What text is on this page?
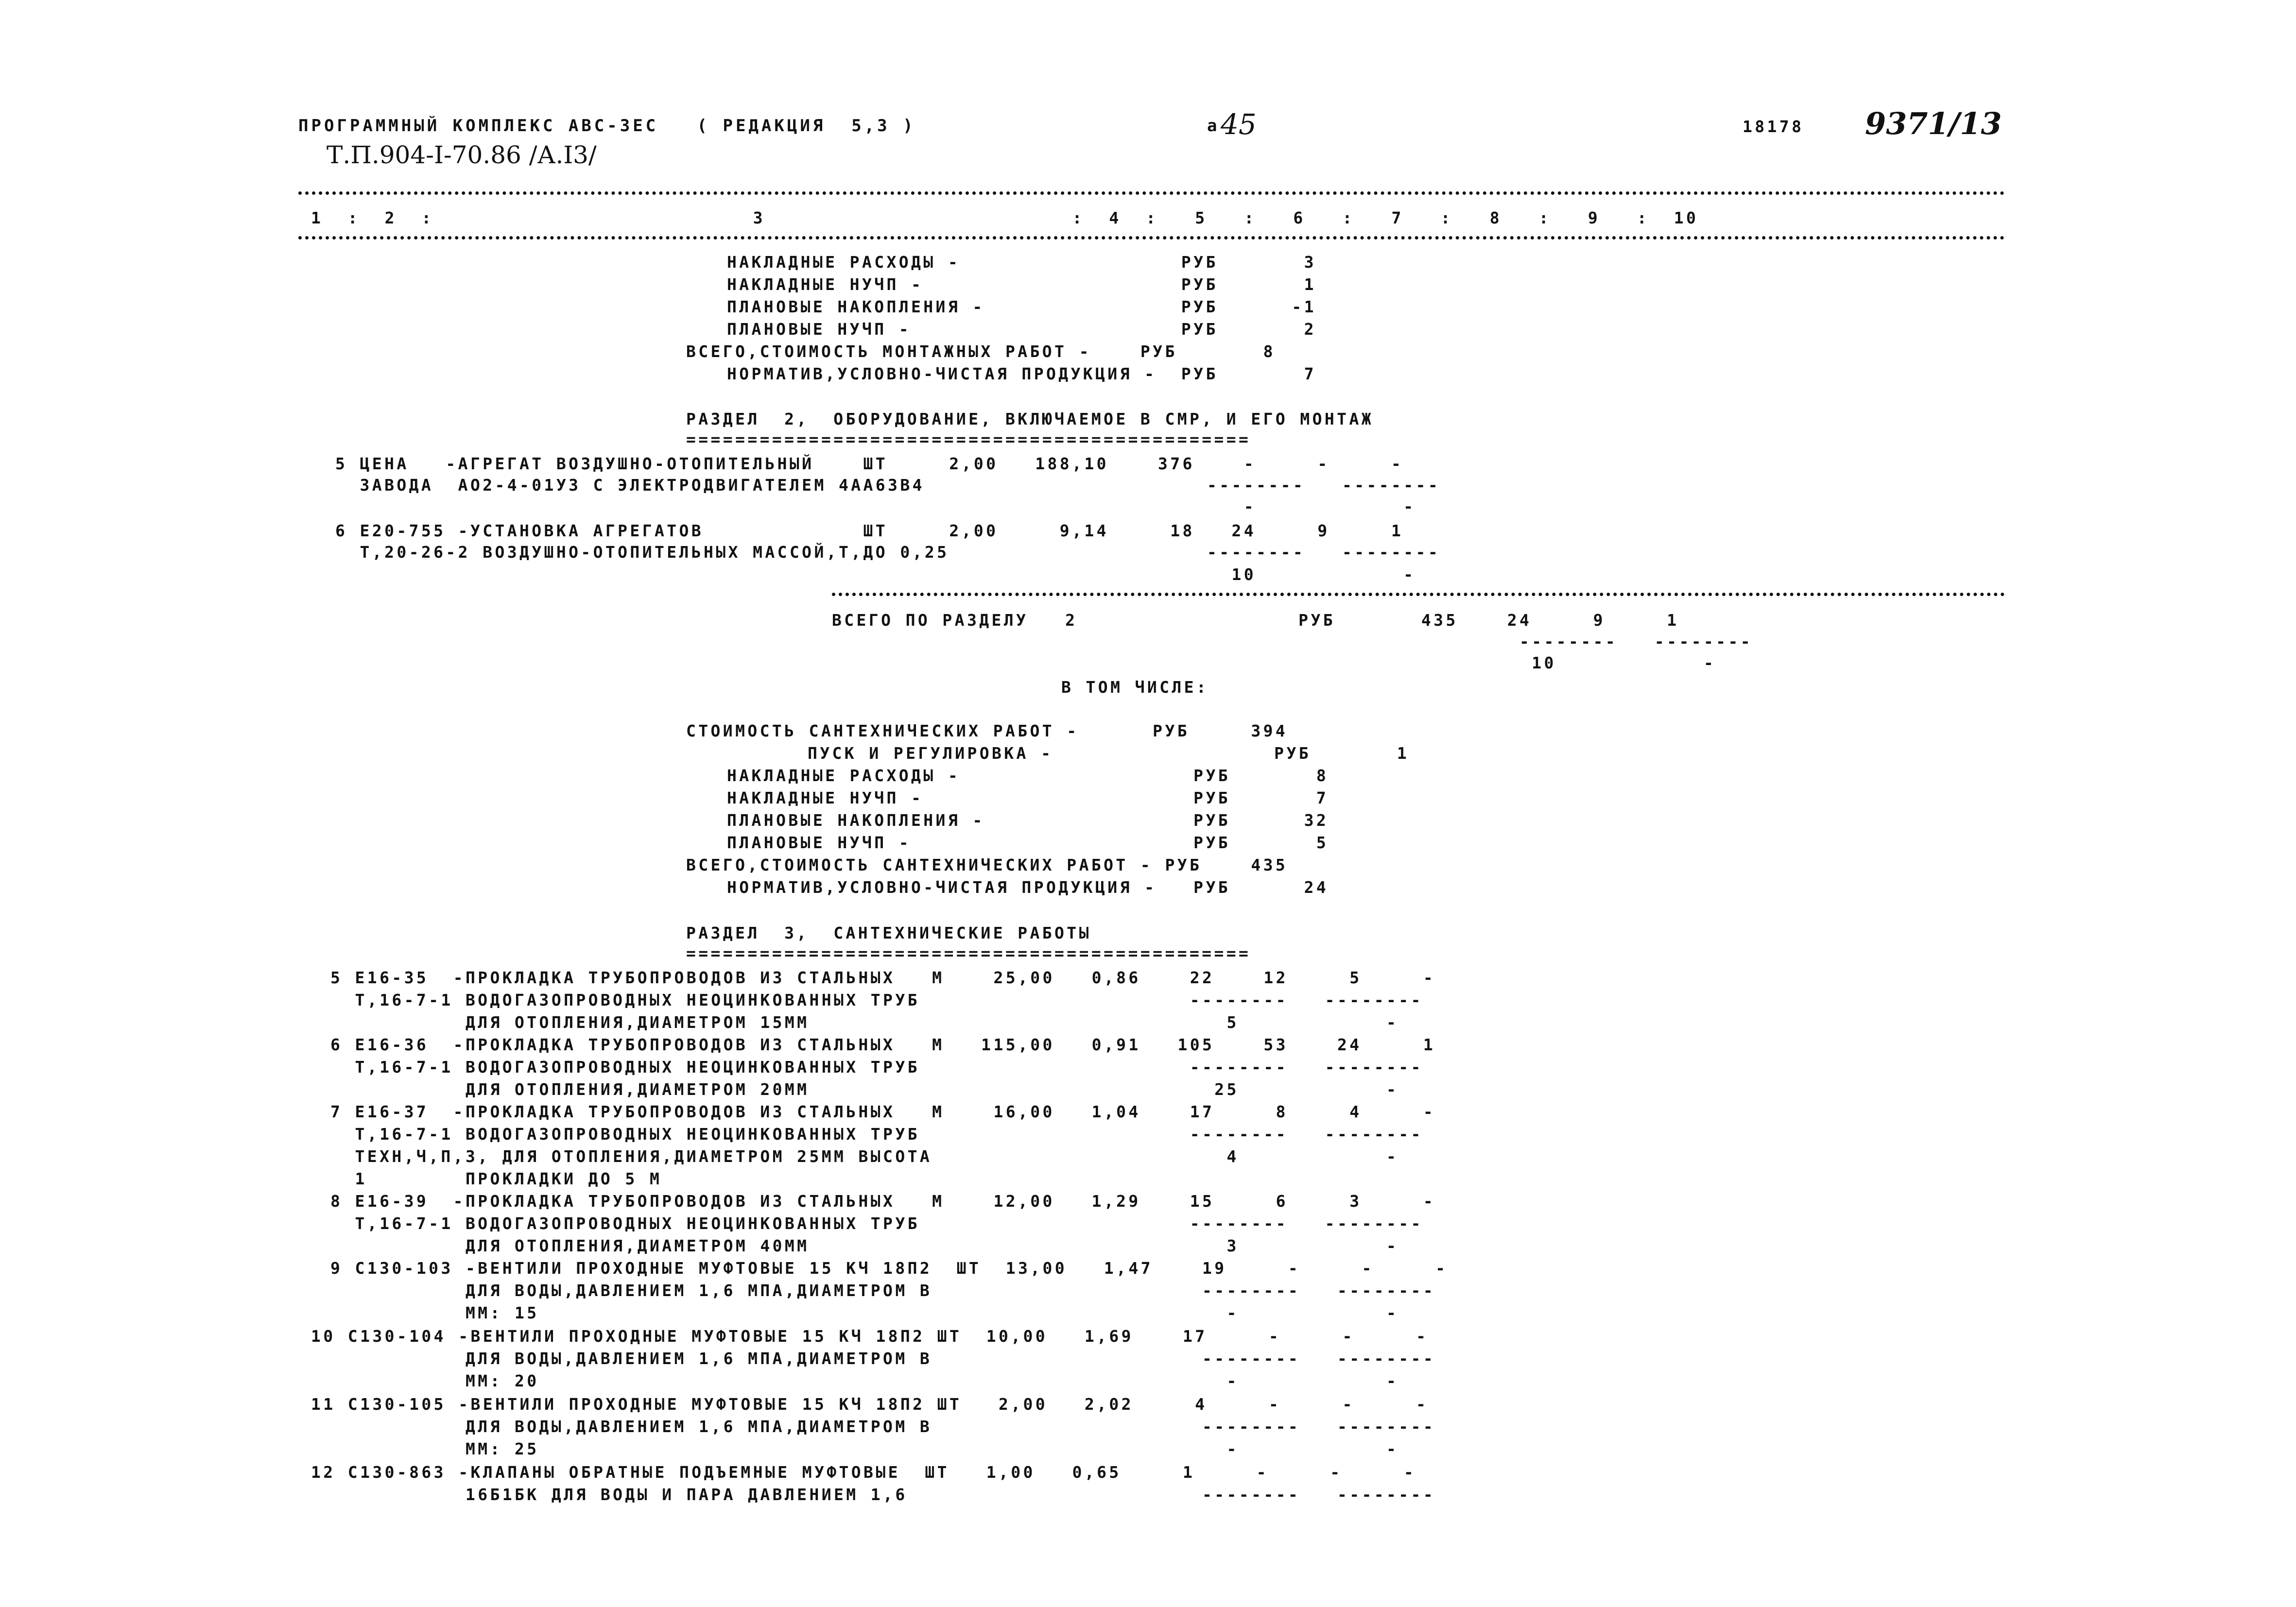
ПРОГРАММНЫЙ КОМПЛЕКС АВС-ЗЕС   ( РЕДАКЦИЯ  5,3 )	а 45	18178 9371/13
Т.П.904-I-70.86 /А.I3/
1  :  2  :                          3                         :  4  :   5   :   6   :   7   :   8   :   9   :  10
НАКЛАДНЫЕ РАСХОДЫ -                  РУБ       3
НАКЛАДНЫЕ НУЧП -                     РУБ       1
ПЛАНОВЫЕ НАКОПЛЕНИЯ -                РУБ      -1
ПЛАНОВЫЕ НУЧП -                      РУБ       2
ВСЕГО,СТОИМОСТЬ МОНТАЖНЫХ РАБОТ -    РУБ       8
НОРМАТИВ,УСЛОВНО-ЧИСТАЯ ПРОДУКЦИЯ -  РУБ       7
РАЗДЕЛ  2,  ОБОРУДОВАНИЕ, ВКЛЮЧАЕМОЕ В СМР, И ЕГО МОНТАЖ
==============================================
5 ЦЕНА   -АГРЕГАТ ВОЗДУШНО-ОТОПИТЕЛЬНЫЙ    ШТ     2,00   188,10    376    -     -     -
ЗАВОДА  АО2-4-01УЗ С ЭЛЕКТРОДВИГАТЕЛЕМ 4АА63В4                       --------   --------
-            -
6 Е20-755 -УСТАНОВКА АГРЕГАТОВ             ШТ     2,00     9,14     18   24     9     1
Т,20-26-2 ВОЗДУШНО-ОТОПИТЕЛЬНЫХ МАССОЙ,Т,ДО 0,25                     --------   --------
10            -
ВСЕГО ПО РАЗДЕЛУ   2                  РУБ       435    24     9     1
--------   --------
10            -
В ТОМ ЧИСЛЕ:
СТОИМОСТЬ САНТЕХНИЧЕСКИХ РАБОТ -      РУБ     394
ПУСК И РЕГУЛИРОВКА -                  РУБ       1
НАКЛАДНЫЕ РАСХОДЫ -                   РУБ       8
НАКЛАДНЫЕ НУЧП -                      РУБ       7
ПЛАНОВЫЕ НАКОПЛЕНИЯ -                 РУБ      32
ПЛАНОВЫЕ НУЧП -                       РУБ       5
ВСЕГО,СТОИМОСТЬ САНТЕХНИЧЕСКИХ РАБОТ - РУБ    435
НОРМАТИВ,УСЛОВНО-ЧИСТАЯ ПРОДУКЦИЯ -   РУБ      24
РАЗДЕЛ  3,  САНТЕХНИЧЕСКИЕ РАБОТЫ
==============================================
5 Е16-35  -ПРОКЛАДКА ТРУБОПРОВОДОВ ИЗ СТАЛЬНЫХ   М    25,00   0,86    22    12     5     -
Т,16-7-1 ВОДОГАЗОПРОВОДНЫХ НЕОЦИНКОВАННЫХ ТРУБ                      --------   --------
ДЛЯ ОТОПЛЕНИЯ,ДИАМЕТРОМ 15ММ                                  5            -
6 Е16-36  -ПРОКЛАДКА ТРУБОПРОВОДОВ ИЗ СТАЛЬНЫХ   М   115,00   0,91   105    53    24     1
Т,16-7-1 ВОДОГАЗОПРОВОДНЫХ НЕОЦИНКОВАННЫХ ТРУБ                      --------   --------
ДЛЯ ОТОПЛЕНИЯ,ДИАМЕТРОМ 20ММ                                 25            -
7 Е16-37  -ПРОКЛАДКА ТРУБОПРОВОДОВ ИЗ СТАЛЬНЫХ   М    16,00   1,04    17     8     4     -
Т,16-7-1 ВОДОГАЗОПРОВОДНЫХ НЕОЦИНКОВАННЫХ ТРУБ                      --------   --------
ТЕХН,Ч,П,3, ДЛЯ ОТОПЛЕНИЯ,ДИАМЕТРОМ 25ММ ВЫСОТА                        4            -
1        ПРОКЛАДКИ ДО 5 М
8 Е16-39  -ПРОКЛАДКА ТРУБОПРОВОДОВ ИЗ СТАЛЬНЫХ   М    12,00   1,29    15     6     3     -
Т,16-7-1 ВОДОГАЗОПРОВОДНЫХ НЕОЦИНКОВАННЫХ ТРУБ                      --------   --------
ДЛЯ ОТОПЛЕНИЯ,ДИАМЕТРОМ 40ММ                                  3            -
9 С130-103 -ВЕНТИЛИ ПРОХОДНЫЕ МУФТОВЫЕ 15 КЧ 18П2  ШТ  13,00   1,47    19     -     -     -
ДЛЯ ВОДЫ,ДАВЛЕНИЕМ 1,6 МПА,ДИАМЕТРОМ В                      --------   --------
ММ: 15                                                        -            -
10 С130-104 -ВЕНТИЛИ ПРОХОДНЫЕ МУФТОВЫЕ 15 КЧ 18П2 ШТ  10,00   1,69    17     -     -     -
ДЛЯ ВОДЫ,ДАВЛЕНИЕМ 1,6 МПА,ДИАМЕТРОМ В                      --------   --------
ММ: 20                                                        -            -
11 С130-105 -ВЕНТИЛИ ПРОХОДНЫЕ МУФТОВЫЕ 15 КЧ 18П2 ШТ   2,00   2,02     4     -     -     -
ДЛЯ ВОДЫ,ДАВЛЕНИЕМ 1,6 МПА,ДИАМЕТРОМ В                      --------   --------
ММ: 25                                                        -            -
12 С130-863 -КЛАПАНЫ ОБРАТНЫЕ ПОДЪЕМНЫЕ МУФТОВЫЕ  ШТ   1,00   0,65     1     -     -     -
16Б1БК ДЛЯ ВОДЫ И ПАРА ДАВЛЕНИЕМ 1,6                        --------   --------
